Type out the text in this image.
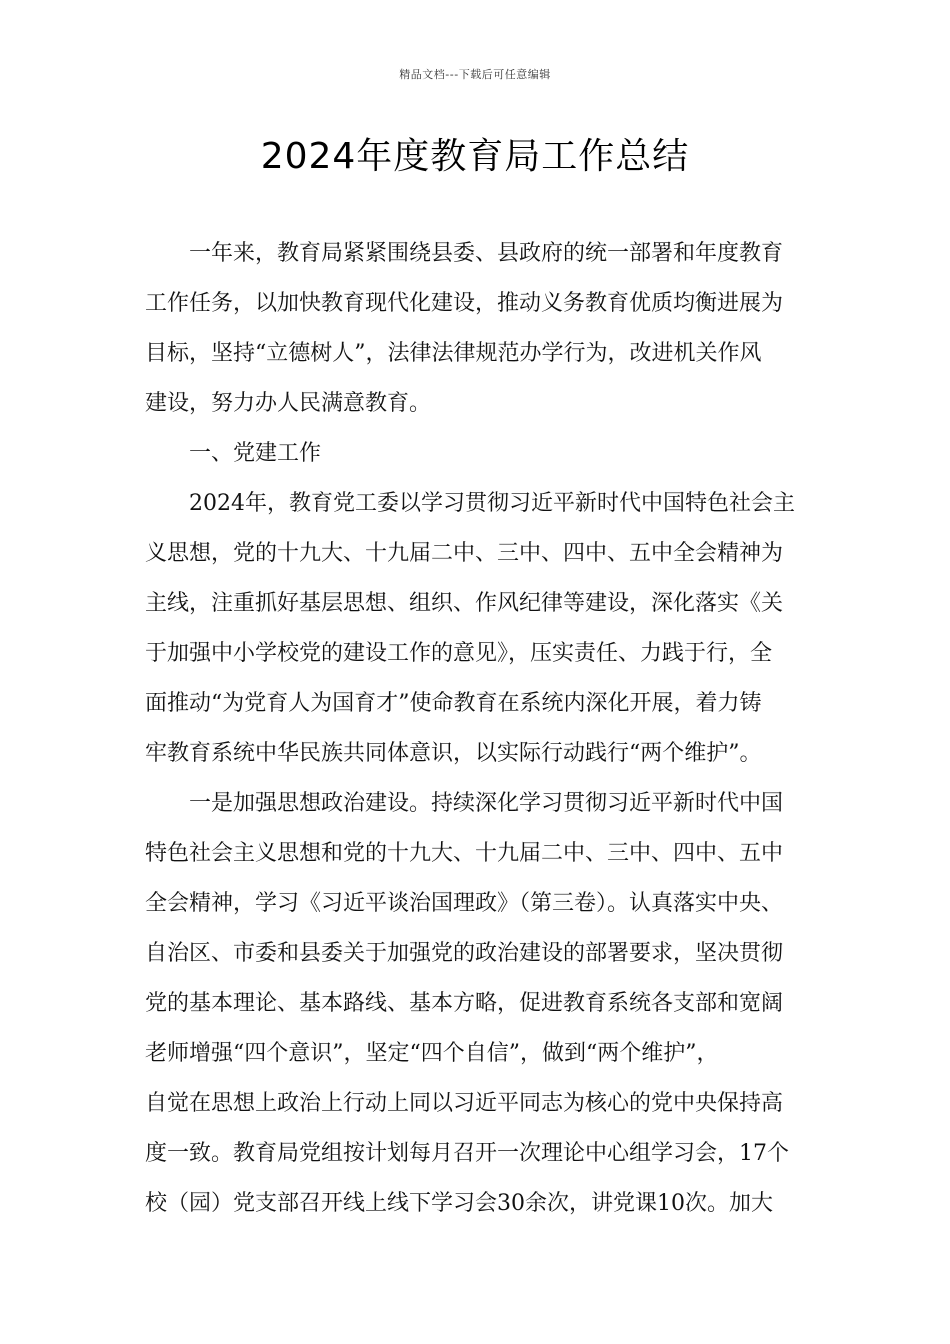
精品文档---下载后可任意编辑
2024年度教育局工作总结
一年来，教育局紧紧围绕县委、县政府的统一部署和年度教育
工作任务，以加快教育现代化建设，推动义务教育优质均衡进展为
目标，坚持“立德树人”，法律法律规范办学行为，改进机关作风
建设，努力办人民满意教育。
一、党建工作
2024年，教育党工委以学习贯彻习近平新时代中国特色社会主
义思想，党的十九大、十九届二中、三中、四中、五中全会精神为
主线，注重抓好基层思想、组织、作风纪律等建设，深化落实《关
于加强中小学校党的建设工作的意见》，压实责任、力践于行，全
面推动“为党育人为国育才”使命教育在系统内深化开展，着力铸
牢教育系统中华民族共同体意识，以实际行动践行“两个维护”。
一是加强思想政治建设。持续深化学习贯彻习近平新时代中国
特色社会主义思想和党的十九大、十九届二中、三中、四中、五中
全会精神，学习《习近平谈治国理政》（第三卷）。认真落实中央、
自治区、市委和县委关于加强党的政治建设的部署要求，坚决贯彻
党的基本理论、基本路线、基本方略，促进教育系统各支部和宽阔
老师增强“四个意识”，坚定“四个自信”，做到“两个维护”，
自觉在思想上政治上行动上同以习近平同志为核心的党中央保持高
度一致。教育局党组按计划每月召开一次理论中心组学习会，17个
校（园）党支部召开线上线下学习会30余次，讲党课10次。加大
